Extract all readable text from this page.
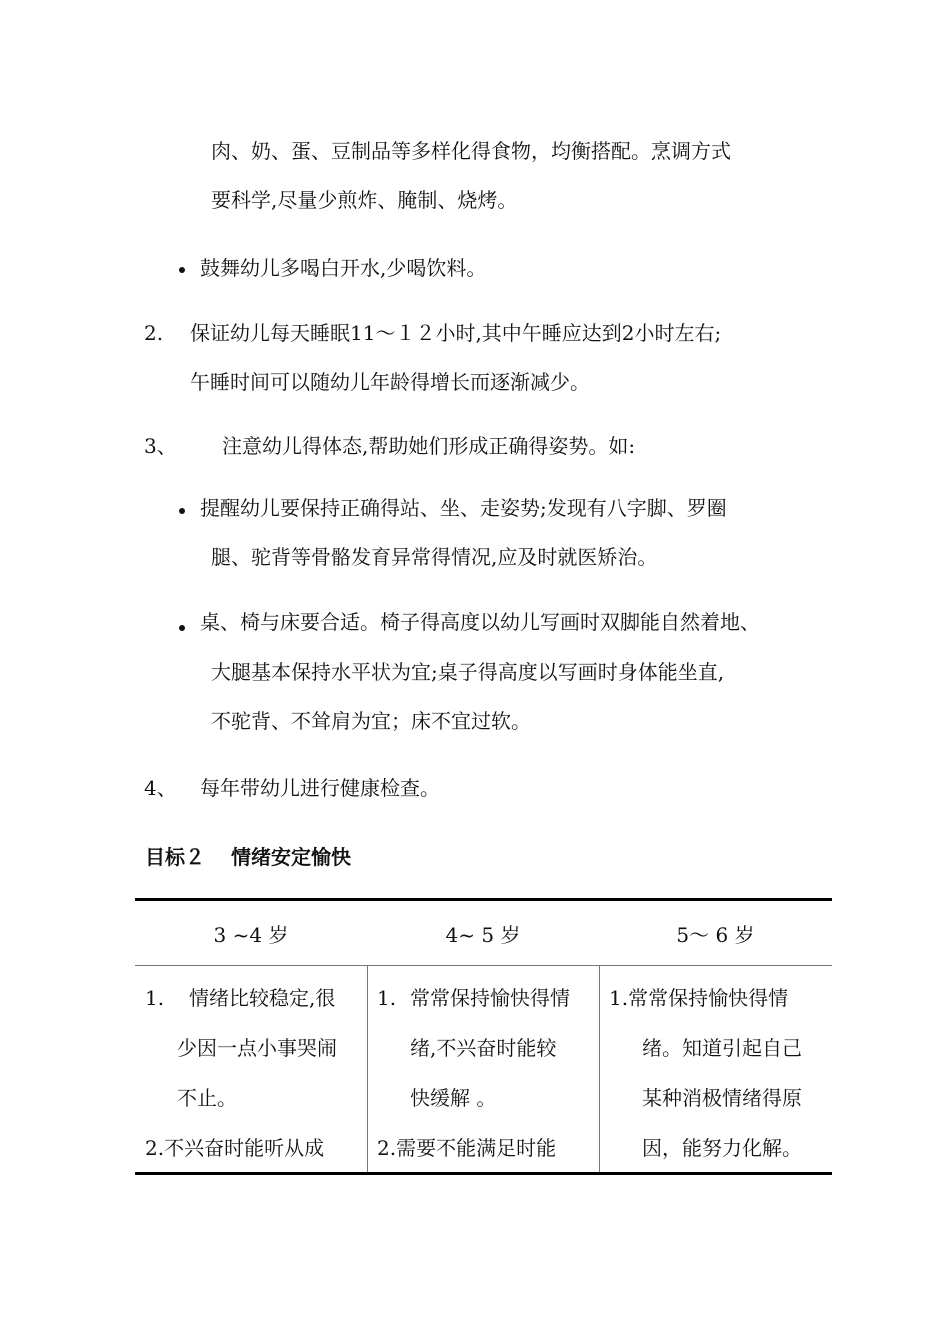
肉、奶、蛋、豆制品等多样化得食物，均衡搭配。烹调方式
要科学,尽量少煎炸、腌制、烧烤。
鼓舞幼儿多喝白开水,少喝饮料。
2. 保证幼儿每天睡眠11～１２小时,其中午睡应达到2小时左右;
午睡时间可以随幼儿年龄得增长而逐渐减少。
3、 注意幼儿得体态,帮助她们形成正确得姿势。如:
提醒幼儿要保持正确得站、坐、走姿势;发现有八字脚、罗圈
腿、驼背等骨骼发育异常得情况,应及时就医矫治。
桌、椅与床要合适。椅子得高度以幼儿写画时双脚能自然着地、
大腿基本保持水平状为宜;桌子得高度以写画时身体能坐直,
不驼背、不耸肩为宜；床不宜过软。
4、 每年带幼儿进行健康检查。
目标２ 情绪安定愉快
3 ~4 岁	4~ 5 岁	5～ 6 岁
1. 情绪比较稳定,很
少因一点小事哭闹
不止。
2.不兴奋时能听从成
1. 常常保持愉快得情
绪,不兴奋时能较
快缓解 。
2.需要不能满足时能
1.常常保持愉快得情
绪。知道引起自己
某种消极情绪得原
因，能努力化解。
